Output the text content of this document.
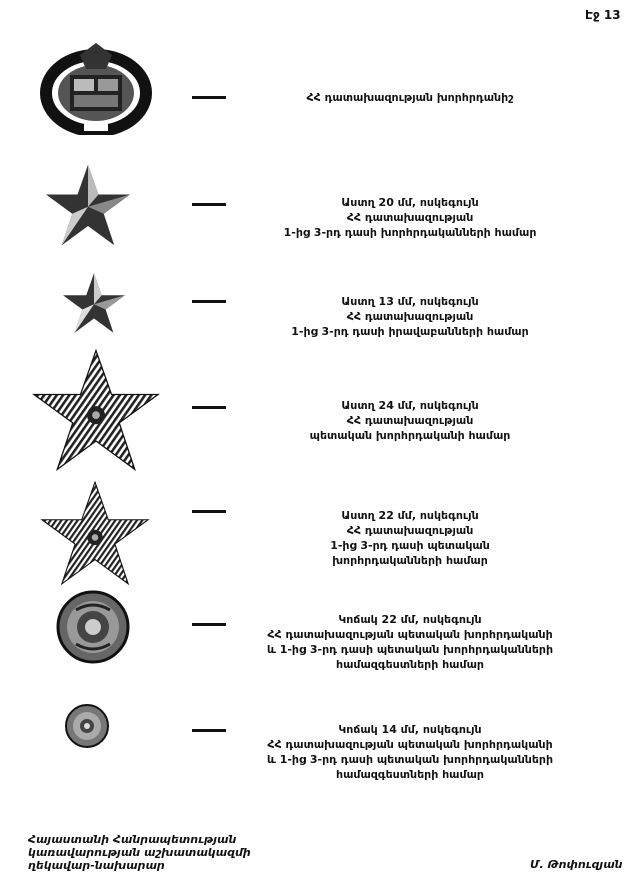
Էջ 13
ՀՀ դատախազության խորհրդանիշ
Աստղ 20 մմ, ոսկեգույն
ՀՀ դատախազության
1-ից 3-րդ դասի խորհրդականների համար
Աստղ 13 մմ, ոսկեգույն
ՀՀ դատախազության
1-ից 3-րդ դասի իրավաբանների համար
Աստղ 24 մմ, ոսկեգույն
ՀՀ դատախազության
պետական խորհրդականի համար
Աստղ 22 մմ, ոսկեգույն
ՀՀ դատախազության
1-ից 3-րդ դասի պետական
խորհրդականների համար
Կոճակ 22 մմ, ոսկեգույն
ՀՀ դատախազության պետական խորհրդականի
և 1-ից 3-րդ դասի պետական խորհրդականների
համազգեստների համար
Կոճակ 14 մմ, ոսկեգույն
ՀՀ դատախազության պետական խորհրդականի
և 1-ից 3-րդ դասի պետական խորհրդականների
համազգեստների համար
Հայաստանի Հանրապետության
կառավարության աշխատակազմի
ղեկավար-նախարար	Մ. Թոփուզյան
